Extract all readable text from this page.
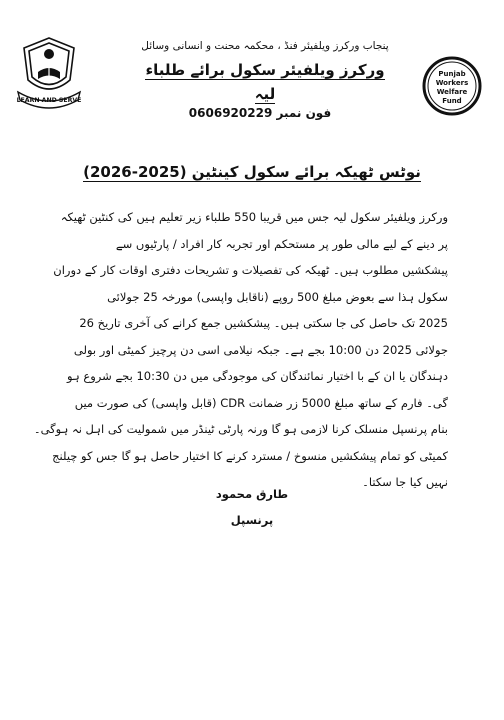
LEARN AND SERVE
Punjab
Workers
Welfare
Fund
پنجاب ورکرز ویلفیئر فنڈ ، محکمہ محنت و انسانی وسائل
ورکرز ویلفیئر سکول برائے طلباء
لیہ
فون نمبر 0606920229
نوٹس ٹھیکہ برائے سکول کینٹین (2025-2026)
ورکرز ویلفیئر سکول لیہ جس میں قریبا 550 طلباء زیر تعلیم ہیں کی کنٹین ٹھیکہ
پر دینے کے لیے مالی طور پر مستحکم اور تجربہ کار افراد / پارٹیوں سے
پیشکشیں مطلوب ہیں۔ ٹھیکہ کی تفصیلات و تشریحات دفتری اوقات کار کے دوران
سکول ہذا سے بعوض مبلغ 500 روپے (ناقابل واپسی) مورخہ 25 جولائی
2025 تک حاصل کی جا سکتی ہیں۔ پیشکشیں جمع کرانے کی آخری تاریخ 26
جولائی 2025 دن 10:00 بجے ہے۔ جبکہ نیلامی اسی دن پرچیز کمیٹی اور بولی
دہندگان یا ان کے با اختیار نمائندگان کی موجودگی میں دن 10:30 بجے شروع ہو
گی۔ فارم کے ساتھ مبلغ 5000 زر ضمانت CDR (قابل واپسی) کی صورت میں
بنام پرنسپل منسلک کرنا لازمی ہو گا ورنہ پارٹی ٹینڈر میں شمولیت کی اہل نہ ہوگی۔
کمیٹی کو تمام پیشکشیں منسوخ / مسترد کرنے کا اختیار حاصل ہو گا جس کو چیلنج
نہیں کیا جا سکتا۔
طارق محمود
پرنسپل
